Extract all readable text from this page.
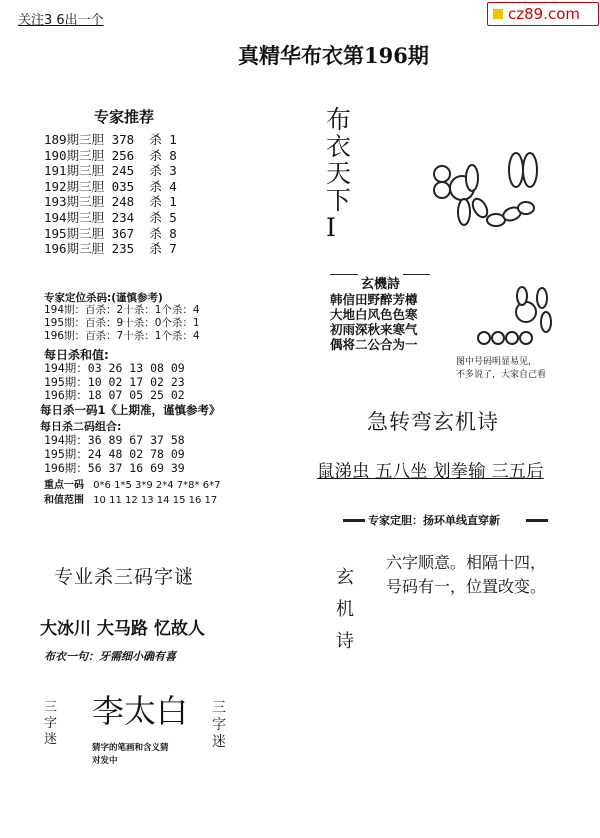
关注3 6出一个	cz89.com
真精华布衣第196期
专家推荐
189期三胆 378  杀 1
190期三胆 256  杀 8
191期三胆 245  杀 3
192期三胆 035  杀 4
193期三胆 248  杀 1
194期三胆 234  杀 5
195期三胆 367  杀 8
196期三胆 235  杀 7
专家定位杀码:(谨慎参考)
194期：百杀：2十杀：1个杀：4
195期：百杀：9十杀：0个杀：1
196期：百杀：7十杀：1个杀：4
每日杀和值:
194期：03 26 13 08 09
195期：10 02 17 02 23
196期：18 07 05 25 02
每日杀一码1《上期准，谨慎参考》
每日杀二码组合:
194期：36 89 67 37 58
195期：24 48 02 78 09
196期：56 37 16 69 39
重点一码 0*6 1*5 3*9 2*4 7*8* 6*7
和值范围 10 11 12 13 14 15 16 17
专业杀三码字谜
大冰川 大马路 忆故人
布衣一句：牙需细小确有喜
三字迷
李太白 三字迷
猜字的笔画和含义猜
对发中
布衣天下I
玄機詩
韩信田野醉芳樽
大地白风色色寒
初雨深秋来寒气
偶将二公合为一
图中号码明显易见，
不多说了，大家自己看
急转弯玄机诗
鼠涕虫 五八坐 划拳输 三五后
专家定胆：扬环单线直穿新
玄机诗
六字顺意。相隔十四，
号码有一，位置改变。
